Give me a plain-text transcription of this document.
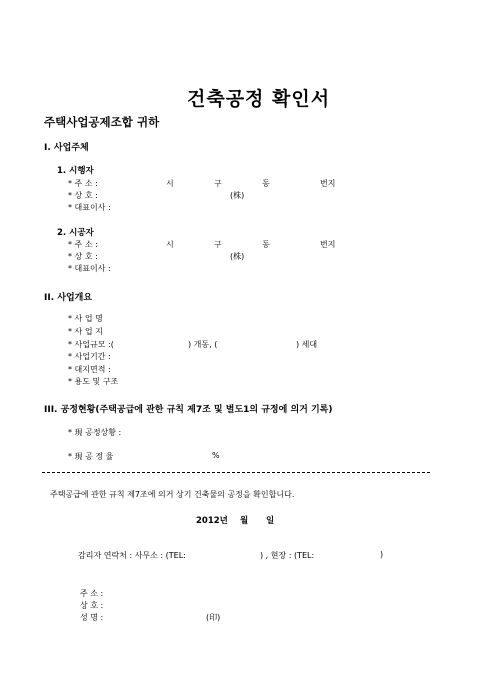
건축공정 확인서
주택사업공제조합 귀하
I. 사업주체
1. 시행자
* 주 소 :	시	구	동	번지
* 상 호 :	(株)
* 대표이사 :
2. 시공자
* 주 소 :	시	구	동	번지
* 상 호 :	(株)
* 대표이사 :
II. 사업개요
* 사 업 명
* 사 업 지
* 사업규모 :(	) 개동, (	) 세대
* 사업기간 :
* 대지면적 :
* 용도 및 구조
III. 공정현황(주택공급에 관한 규칙 제7조 및 별도1의 규정에 의거 기록)
* 現 공정상황 :
* 現 공 정 율	%
주택공급에 관한 규칙 제7조에 의거 상기 건축물의 공정을 확인합니다.
2012년 월 일
감리자 연락처 : 사무소 : (TEL:	) , 현장 : (TEL:	)
주 소 :
상 호 :
성 명 :	(印)
